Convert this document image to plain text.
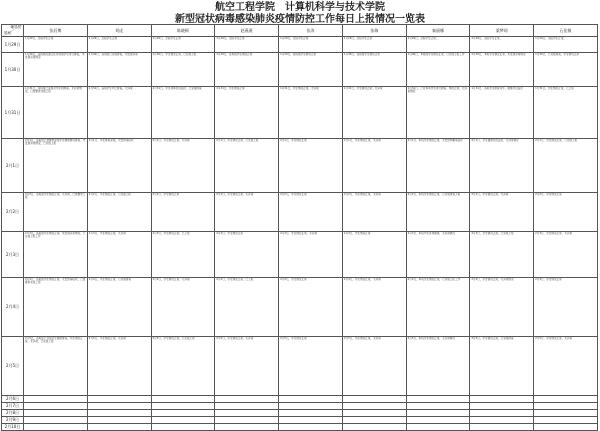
航空工程学院　计算机科学与技术学院
新型冠状病毒感染肺炎疫情防控工作每日上报情况一览表
辅导员
时间	张辰博	刘虎	陈晓枫	赵燕燕	张涛	张瑞	秦丽娜	梁梦琼	石佳敏
1月29日	1月29日，全院学生正常	1月29日，全院学生正常	1月29日，全院学生正常	1月29日，全院学生正常	1月29日，全院学生正常	1月29日，全院学生正常	1月29日，全院学生正常，	1月29日，全院学生正常，	1月29日，全院学生正常，
1月30日	1月30日，各班级班委正在对班级学生进行排查，未发现异常情况	1月30日，各班级已完成排查，未发现异常	1月30日，学生情况正常，已完成上报	1月30日，各班级学生情况正常	1月30日，各班级学生情况正常	1月30日，各班级学生情况正常	1月30日，本班级学生情况正常，已完成上报工作	1月30日，本班学生情况正常，未发现异常情况	1月30日，已完成排查，学生情况正常
1月31日	1月31日，各班级已完成对学生的排查，无异常情况，已按要求完成上报	1月31日，各班学生均已排查，无异常	1月31日，学生身体状况良好，已完成排查	1月31日，学生情况正常	1月31日，学生情况正常，无异常	1月31日，学生情况正常，无异常	1月31日，已对本班学生进行排查，情况正常，无异常情况	1月31日，各班学生排查完毕，健康状况良好	1月31日，学生情况正常，已上报
2月1日	2月1日，各班级已按要求完成学生健康情况排查，未发现异常情况，已完成上报	2月1日，学生排查完成，无发热等症状	2月1日，学生情况正常，无异常	2月1日，学生情况正常，已完成上报	2月1日，学生情况正常	2月1日，学生情况正常，无异常	2月1日，本班学生情况正常，无发热咳嗽等症状	2月1日，学生健康状况良好，无异常情况	2月1日，学生情况正常，已完成上报
2月2日	2月2日，各班级学生情况正常，无异常，已按要求上报	2月2日，学生情况正常，已完成上报	2月2日，学生情况正常	2月2日，学生情况正常，无异常	2月2日，学生情况正常	2月2日，学生情况正常，无异常	2月2日，本班学生情况正常，已完成排查上报	2月2日，学生情况正常，无异常	2月2日，学生情况正常
2月3日	2月3日，各班级学生情况正常，未发现异常情况，已完成上报工作	2月3日，学生情况正常，无异常	2月3日，学生情况正常，已上报	2月3日，学生情况正常	2月3日，学生情况正常，无异常	2月3日，学生情况正常	2月3日，本班学生身体健康，无异常情况	2月3日，学生情况正常，已完成上报	2月3日，学生情况正常，无异常
2月4日	2月4日，各班级学生情况正常，无发热等症状，已按要求完成上报	2月4日，学生情况正常，已完成排查	2月4日，学生情况正常，无异常	2月4日，学生情况正常，已上报	2月4日，学生情况正常	2月4日，学生情况正常，无异常	2月4日，本班学生情况正常，已完成上报工作	2月4日，学生情况正常，无异常情况	2月4日，学生情况正常
2月5日	2月5日，各班级已完成学生健康排查，学生情况正常，无异常，已完成上报	2月5日，学生情况正常，无异常	2月5日，学生情况正常，已完成上报	2月5日，学生情况正常，无异常	2月5日，学生情况正常	2月5日，学生情况正常，无异常	2月5日，本班学生情况正常，无异常情况	2月5日，学生情况正常，已完成排查	2月5日，学生情况正常，无异常
2月6日									
2月7日									
2月8日									
2月9日									
2月10日									
